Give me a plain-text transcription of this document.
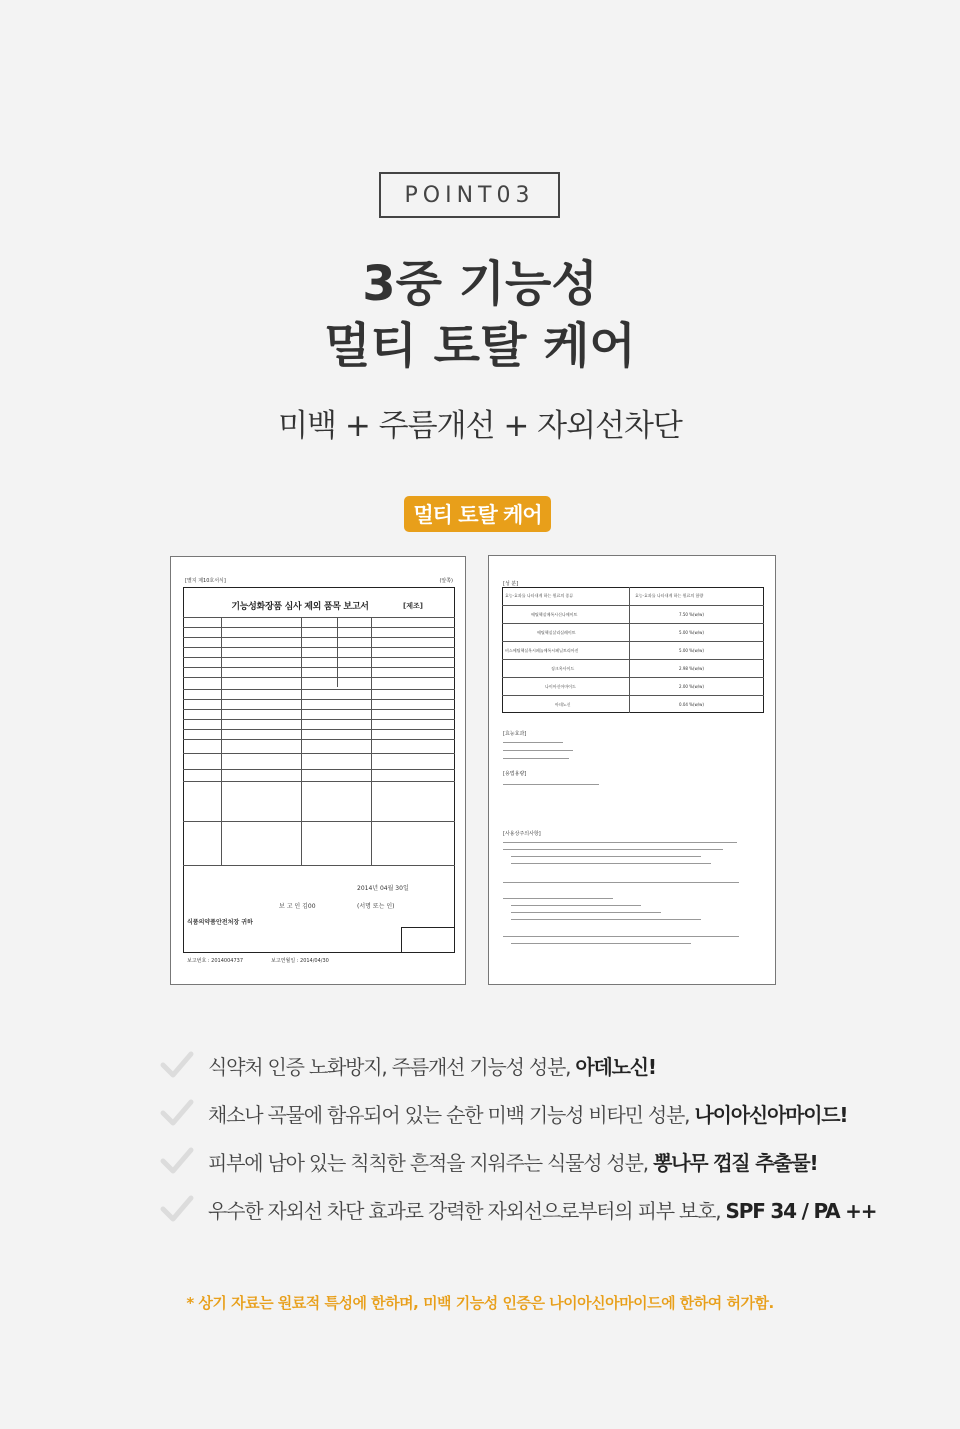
POINT03
3중 기능성
멀티 토탈 케어
미백 + 주름개선 + 자외선차단
멀티 토탈 케어
[별지 제10호서식]	(앞쪽)
기능성화장품 심사 제외 품목 보고서	[제조]
2014년 04월 30일
보 고 인 김00	(서명 또는 인)
식품의약품안전처장 귀하
보고번호 : 2014004737	보고연월일 : 2014/04/30
[성 분]
효능·효과를 나타내게 하는 원료의 종류	효능·효과를 나타내게 하는 원료의 함량
에틸헥실메톡시신나메이트	7.50 %(w/w)
에틸헥실살리실레이트	5.00 %(w/w)
비스에틸헥실옥시페놀메톡시페닐트리아진	5.00 %(w/w)
징크옥사이드	2.98 %(w/w)
나이아신아마이드	2.00 %(w/w)
아데노신	0.04 %(w/w)
[효능효과]
[용법용량]
[사용상주의사항]
식약처 인증 노화방지, 주름개선 기능성 성분, 아데노신!
채소나 곡물에 함유되어 있는 순한 미백 기능성 비타민 성분, 나이아신아마이드!
피부에 남아 있는 칙칙한 흔적을 지워주는 식물성 성분, 뽕나무 껍질 추출물!
우수한 자외선 차단 효과로 강력한 자외선으로부터의 피부 보호, SPF 34 / PA ++
* 상기 자료는 원료적 특성에 한하며, 미백 기능성 인증은 나이아신아마이드에 한하여 허가함.
